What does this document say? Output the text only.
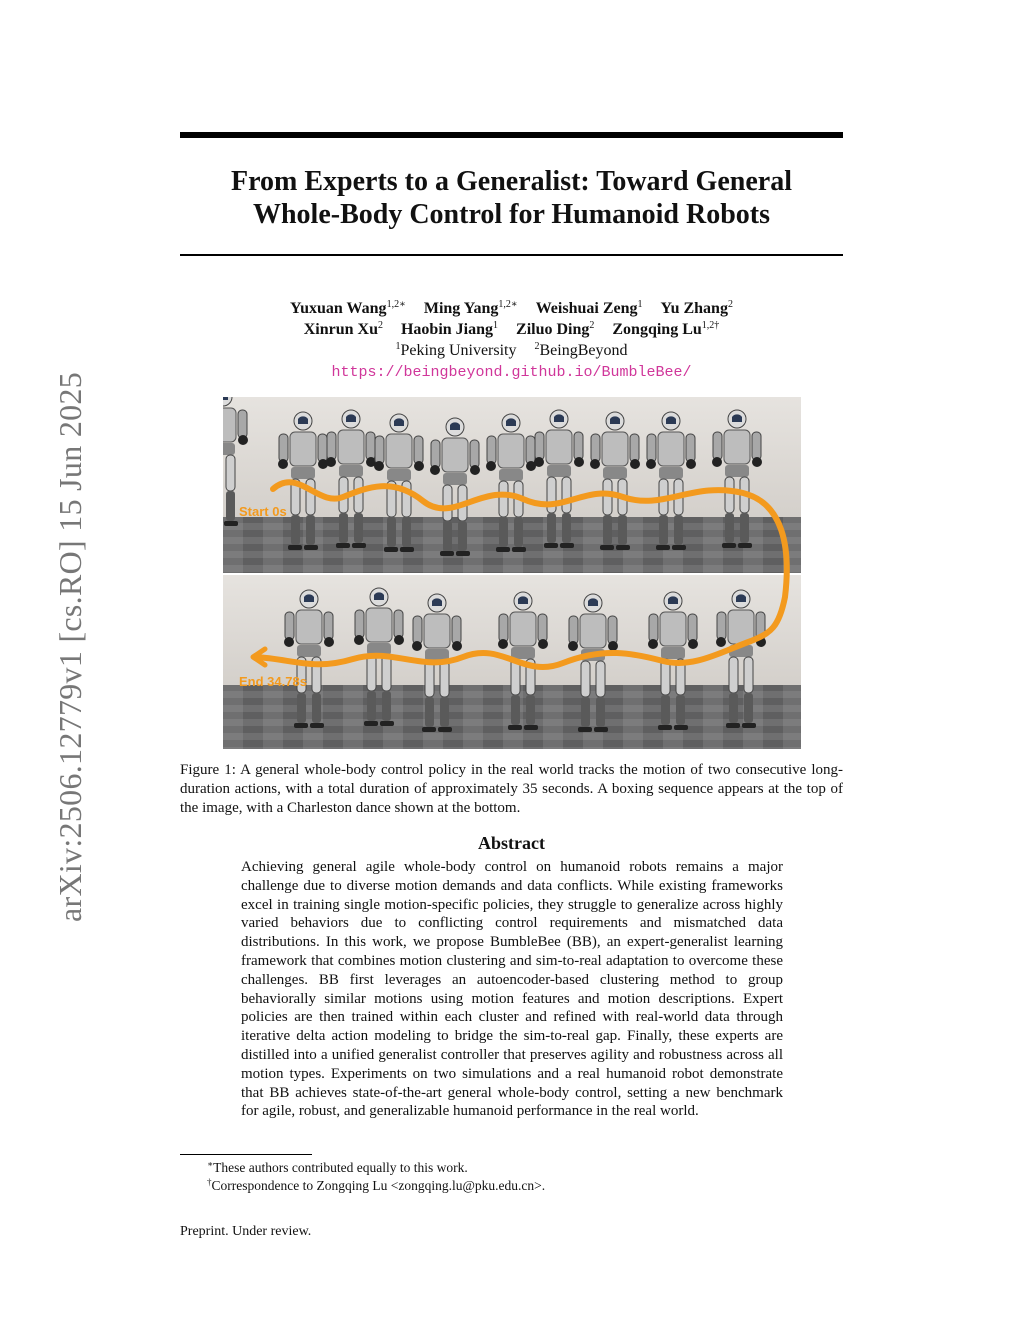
arXiv:2506.12779v1 [cs.RO] 15 Jun 2025
From Experts to a Generalist: Toward General
Whole-Body Control for Humanoid Robots
Yuxuan Wang$^{1,2∗}$ Ming Yang$^{1,2∗}$ Weishuai Zeng$^1$ Yu Zhang$^2$
Xinrun Xu$^2$ Haobin Jiang$^1$ Ziluo Ding$^2$ Zongqing $Lu^{1,2\dagger}$
$^1$Peking University $^2$BeingBeyond
https://beingbeyond.github.io/BumbleBee/
Start 0s
End 34.78s
Figure 1: A general whole-body control policy in the real world tracks the motion of two consecutive long-duration actions, with a total duration of approximately 35 seconds. A boxing sequence appears at the top of the image, with a Charleston dance shown at the bottom.
Abstract
Achieving general agile whole-body control on humanoid robots remains a major challenge due to diverse motion demands and data conflicts. While existing frameworks excel in training single motion-specific policies, they struggle to generalize across highly varied behaviors due to conflicting control requirements and mismatched data distributions. In this work, we propose BumbleBee (BB), an expert-generalist learning framework that combines motion clustering and sim-to-real adaptation to overcome these challenges. BB first leverages an autoencoder-based clustering method to group behaviorally similar motions using motion features and motion descriptions. Expert policies are then trained within each cluster and refined with real-world data through iterative delta action modeling to bridge the sim-to-real gap. Finally, these experts are distilled into a unified generalist controller that preserves agility and robustness across all motion types. Experiments on two simulations and a real humanoid robot demonstrate that BB achieves state-of-the-art general whole-body control, setting a new benchmark for agile, robust, and generalizable humanoid performance in the real world.
∗These authors contributed equally to this work.
†Correspondence to Zongqing Lu <zongqing.lu@pku.edu.cn>.
Preprint. Under review.
